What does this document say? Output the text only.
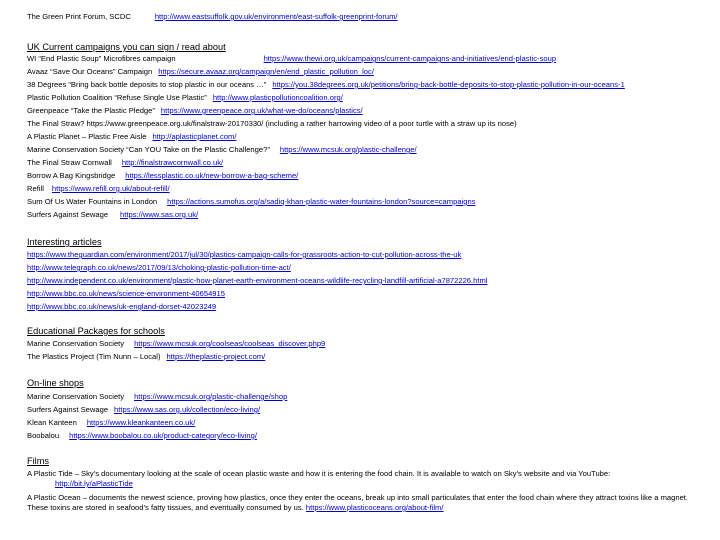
The Green Print Forum, SCDC	http://www.eastsuffolk.gov.uk/environment/east-suffolk-greenprint-forum/
UK Current campaigns you can sign / read about
WI “End Plastic Soup” Microfibres campaign	https://www.thewi.org.uk/campaigns/current-campaigns-and-initiatives/end-plastic-soup
Avaaz “Save Our Oceans” Campaign https://secure.avaaz.org/campaign/en/end_plastic_pollution_loc/
38 Degrees “Bring back bottle deposits to stop plastic in our oceans …” https://you.38degrees.org.uk/petitions/bring-back-bottle-deposits-to-stop-plastic-pollution-in-our-oceans-1
Plastic Pollution Coalition “Refuse Single Use Plastic” http://www.plasticpollutioncoalition.org/
Greenpeace “Take the Plastic Pledge” https://www.greenpeace.org.uk/what-we-do/oceans/plastics/
The Final Straw? https://www.greenpeace.org.uk/finalstraw-20170330/ (including a rather harrowing video of a poor turtle with a straw up its nose)
A Plastic Planet – Plastic Free Aisle http://aplasticplanet.com/
Marine Conservation Society “Can YOU Take on the Plastic Challenge?” https://www.mcsuk.org/plastic-challenge/
The Final Straw Cornwall http://finalstrawcornwall.co.uk/
Borrow A Bag Kingsbridge https://lessplastic.co.uk/new-borrow-a-bag-scheme/
Refill https://www.refill.org.uk/about-refill/
Sum Of Us Water Fountains in London https://actions.sumofus.org/a/sadiq-khan-plastic-water-fountains-london?source=campaigns
Surfers Against Sewage https://www.sas.org.uk/
Interesting articles
https://www.theguardian.com/environment/2017/jul/30/plastics-campaign-calls-for-grassroots-action-to-cut-pollution-across-the-uk
http://www.telegraph.co.uk/news/2017/09/13/choking-plastic-pollution-time-act/
http://www.independent.co.uk/environment/plastic-how-planet-earth-environment-oceans-wildlife-recycling-landfill-artificial-a7872226.html
http://www.bbc.co.uk/news/science-environment-40654915
http://www.bbc.co.uk/news/uk-england-dorset-42023249
Educational Packages for schools
Marine Conservation Society https://www.mcsuk.org/coolseas/coolseas_discover.php9
The Plastics Project (Tim Nunn – Local) https://theplastic-project.com/
On-line shops
Marine Conservation Society https://www.mcsuk.org/plastic-challenge/shop
Surfers Against Sewage https://www.sas.org.uk/collection/eco-living/
Klean Kanteen https://www.kleankanteen.co.uk/
Boobalou https://www.boobalou.co.uk/product-category/eco-living/
Films
A Plastic Tide – Sky’s documentary looking at the scale of ocean plastic waste and how it is entering the food chain. It is available to watch on Sky’s website and via YouTube:
http://bit.ly/aPlasticTide
A Plastic Ocean – documents the newest science, proving how plastics, once they enter the oceans, break up into small particulates that enter the food chain where they attract toxins like a magnet. These toxins are stored in seafood’s fatty tissues, and eventually consumed by us. https://www.plasticoceans.org/about-film/
